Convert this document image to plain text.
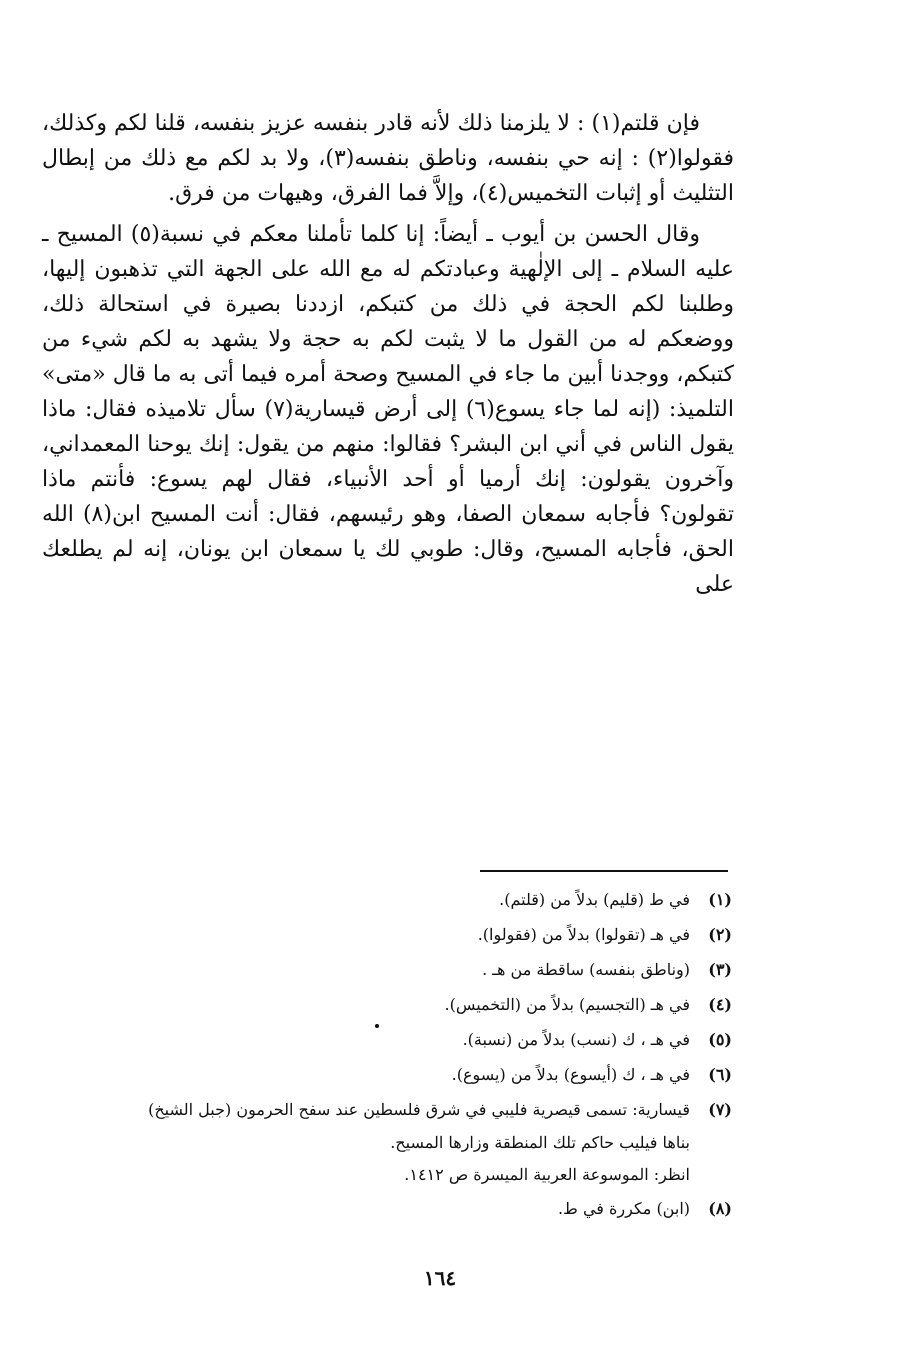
فإن قلتم(١) : لا يلزمنا ذلك لأنه قادر بنفسه عزيز بنفسه، قلنا لكم وكذلك، فقولوا(٢) : إنه حي بنفسه، وناطق بنفسه(٣)، ولا بد لكم مع ذلك من إبطال التثليث أو إثبات التخميس(٤)، وإلاَّ فما الفرق، وهيهات من فرق.

وقال الحسن بن أيوب ـ أيضاً: إنا كلما تأملنا معكم في نسبة(٥) المسيح ـ عليه السلام ـ إلى الإلٰهية وعبادتكم له مع الله على الجهة التي تذهبون إليها، وطلبنا لكم الحجة في ذلك من كتبكم، ازددنا بصيرة في استحالة ذلك، ووضعكم له من القول ما لا يثبت لكم به حجة ولا يشهد به لكم شيء من كتبكم، ووجدنا أبين ما جاء في المسيح وصحة أمره فيما أتى به ما قال «متى» التلميذ: (إنه لما جاء يسوع(٦) إلى أرض قيسارية(٧) سأل تلاميذه فقال: ماذا يقول الناس في أني ابن البشر؟ فقالوا: منهم من يقول: إنك يوحنا المعمداني، وآخرون يقولون: إنك أرميا أو أحد الأنبياء، فقال لهم يسوع: فأنتم ماذا تقولون؟ فأجابه سمعان الصفا، وهو رئيسهم، فقال: أنت المسيح ابن(٨) الله الحق، فأجابه المسيح، وقال: طوبي لك يا سمعان ابن يونان، إنه لم يطلعك على

(١)
في ط (قليم) بدلاً من (قلتم).
(٢)
في هـ (تقولوا) بدلاً من (فقولوا).
(٣)
(وناطق بنفسه) ساقطة من هـ .
(٤)
في هـ (التجسيم) بدلاً من (التخميس).
(٥)
في هـ ، ك (نسب) بدلاً من (نسبة).
(٦)
في هـ ، ك (أيسوع) بدلاً من (يسوع).
(٧)
قيسارية: تسمى قيصرية فليبي في شرق فلسطين عند سفح الحرمون (جبل الشيخ)
بناها فيليب حاكم تلك المنطقة وزارها المسيح.
انظر: الموسوعة العربية الميسرة ص ١٤١٢.
(٨)
(ابن) مكررة في ط.
١٦٤
